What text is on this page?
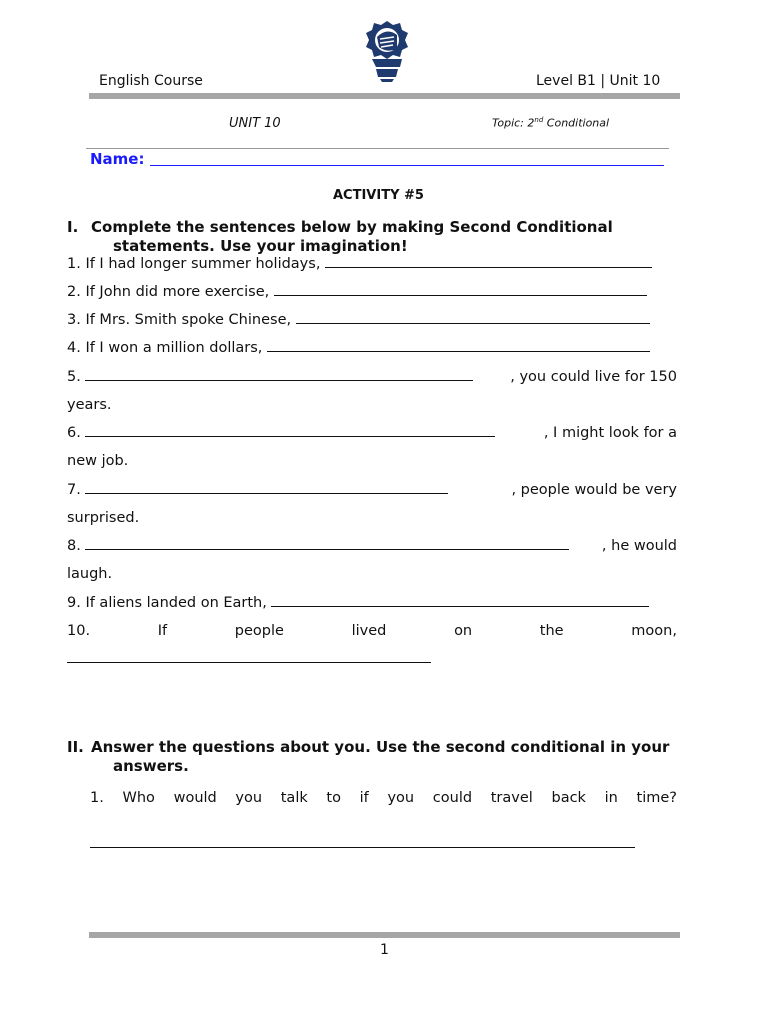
English Course	Level B1 | Unit 10
UNIT 10	Topic: 2nd Conditional
Name:
ACTIVITY #5
I. Complete the sentences below by making Second Conditional
statements. Use your imagination!
1. If I had longer summer holidays,
2. If John did more exercise,
3. If Mrs. Smith spoke Chinese,
4. If I won a million dollars,
5.	, you could live for 150
years.
6.	, I might look for a
new job.
7.	, people would be very
surprised.
8.	, he would
laugh.
9. If aliens landed on Earth,
10.	If	people	lived	on	the	moon,
II. Answer the questions about you. Use the second conditional in your
answers.
1. Who would you talk to if you could travel back in time?
1
